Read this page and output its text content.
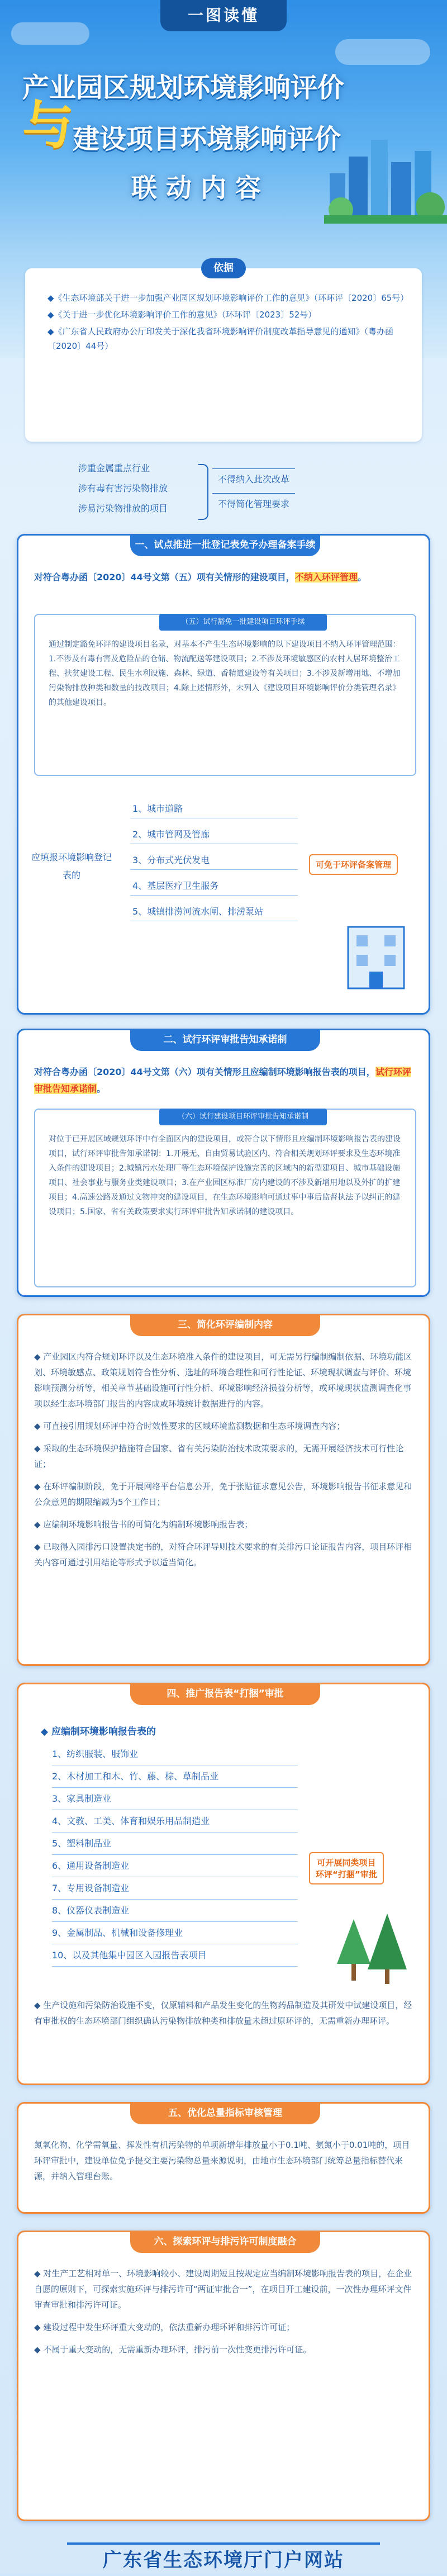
一图读懂
产业园区规划环境影响评价
与
建设项目环境影响评价
联动内容
依据
◆《生态环境部关于进一步加强产业园区规划环境影响评价工作的意见》（环环评〔2020〕65号）
◆《关于进一步优化环境影响评价工作的意见》（环环评〔2023〕52号）
◆《广东省人民政府办公厅印发关于深化我省环境影响评价制度改革指导意见的通知》（粤办函〔2020〕44号）
涉重金属重点行业
涉有毒有害污染物排放
涉易污染物排放的项目
不得纳入此次改革
不得简化管理要求
一、试点推进一批登记表免予办理备案手续
对符合粤办函〔2020〕44号文第（五）项有关情形的建设项目，不纳入环评管理。
（五）试行豁免一批建设项目环评手续
通过制定豁免环评的建设项目名录，对基本不产生生态环境影响的以下建设项目不纳入环评管理范围：1.不涉及有毒有害及危险品的仓储、物流配送等建设项目；2.不涉及环境敏感区的农村人居环境整治工程、扶贫建设工程、民生水利设施、森林、绿道、香精道建设等有关项目；3.不涉及新增用地、不增加污染物排放种类和数量的技改项目；4.除上述情形外，未列入《建设项目环境影响评价分类管理名录》的其他建设项目。
应填报环境影响登记表的
1、城市道路
2、城市管网及管廊
3、分布式光伏发电
4、基层医疗卫生服务
5、城镇排涝河流水闸、排涝泵站
可免于环评备案管理
二、试行环评审批告知承诺制
对符合粤办函〔2020〕44号文第（六）项有关情形且应编制环境影响报告表的项目，试行环评审批告知承诺制。
（六）试行建设项目环评审批告知承诺制
对位于已开展区域规划环评中有全面区内的建设项目，或符合以下情形且应编制环境影响报告表的建设项目，试行环评审批告知承诺制：1.开展无、自由贸易试验区内、符合相关规划环评要求及生态环境准入条件的建设项目；2.城镇污水处理厂等生态环境保护设施完善的区域内的新型建项目、城市基础设施项目、社会事业与服务业类建设项目；3.在产业园区标准厂房内建设的不涉及新增用地以及外扩的扩建项目；4.高速公路及通过文物冲突的建设项目，在生态环境影响可通过事中事后监督执法予以纠正的建设项目；5.国家、省有关政策要求实行环评审批告知承诺制的建设项目。
三、简化环评编制内容

◆ 产业园区内符合规划环评以及生态环境准入条件的建设项目，可无需另行编制编制依据、环境功能区划、环境敏感点、政策规划符合性分析、选址的环境合理性和可行性论证、环境现状调查与评价、环境影响预测分析等，相关章节基础设施可行性分析、环境影响经济损益分析等，或环境现状监测调查化事项以经生态环境部门报告的内容成或环境统计数据进行的内容。

◆ 可直接引用规划环评中符合时效性要求的区域环境监测数据和生态环境调查内容；

◆ 采取的生态环境保护措施符合国家、省有关污染防治技术政策要求的，无需开展经济技术可行性论证；

◆ 在环评编制阶段，免于开展网络平台信息公开，免于张贴征求意见公告，环境影响报告书征求意见和公众意见的期限缩减为5个工作日；

◆ 应编制环境影响报告书的可简化为编制环境影响报告表；

◆ 已取得入园排污口设置决定书的，对符合环评导则技术要求的有关排污口论证报告内容，项目环评相关内容可通过引用结论等形式予以适当简化。

四、推广报告表“打捆”审批
◆ 应编制环境影响报告表的
1、纺织服装、服饰业
2、木材加工和木、竹、藤、棕、草制品业
3、家具制造业
4、文教、工美、体育和娱乐用品制造业
5、塑料制品业
6、通用设备制造业
7、专用设备制造业
8、仪器仪表制造业
9、金属制品、机械和设备修理业
10、以及其他集中园区入园报告表项目
可开展同类项目
环评“打捆”审批
◆ 生产设施和污染防治设施不变，仅原辅料和产品发生变化的生物药品制造及其研发中试建设项目，经有审批权的生态环境部门组织确认污染物排放种类和排放量未超过原环评的，无需重新办理环评。
五、优化总量指标审核管理
氮氧化物、化学需氧量、挥发性有机污染物的单项新增年排放量小于0.1吨、氨氮小于0.01吨的，项目环评审批中，建设单位免予提交主要污染物总量来源说明，由地市生态环境部门统筹总量指标替代来源，并纳入管理台账。
六、探索环评与排污许可制度融合

◆ 对生产工艺相对单一、环境影响较小、建设周期短且按规定应当编制环境影响报告表的项目，在企业自愿的原则下，可探索实施环评与排污许可“两证审批合一”，在项目开工建设前，一次性办理环评文件审查审批和排污许可证。

◆ 建设过程中发生环评重大变动的，依法重新办理环评和排污许可证；

◆ 不属于重大变动的，无需重新办理环评，排污前一次性变更排污许可证。

广东省生态环境厅门户网站
